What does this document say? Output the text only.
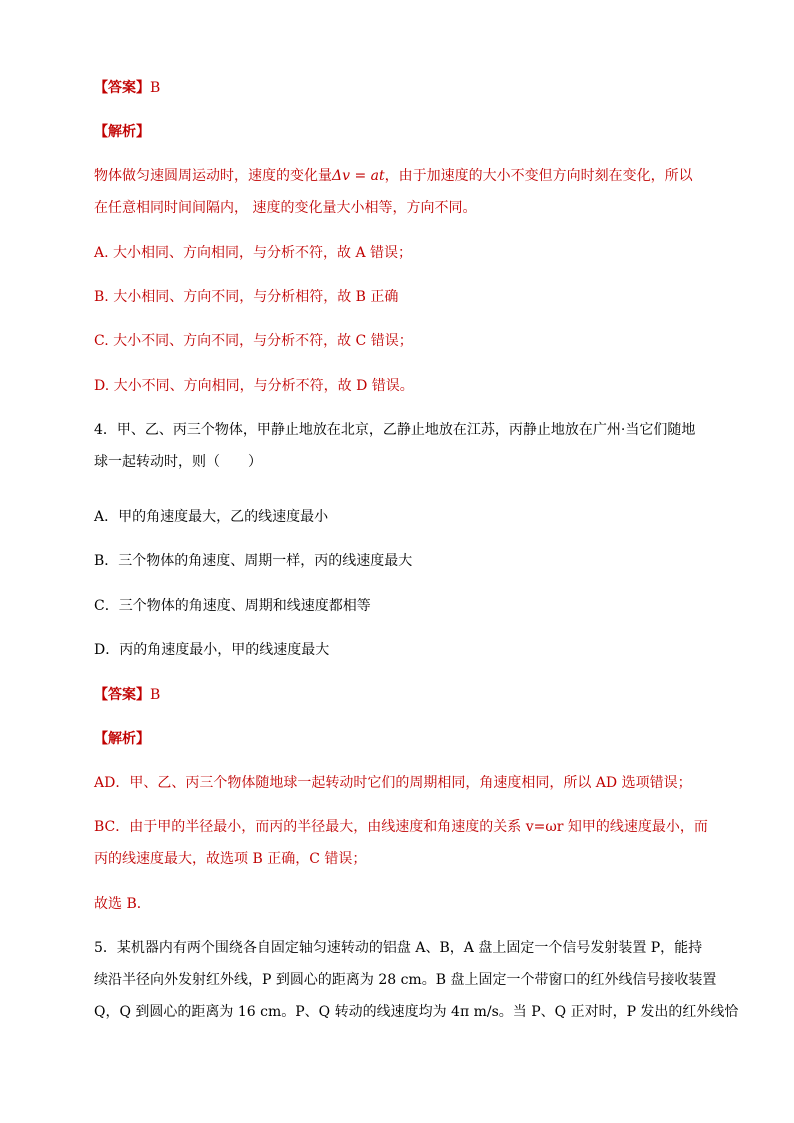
【答案】B
【解析】
物体做匀速圆周运动时，速度的变化量Δv = at，由于加速度的大小不变但方向时刻在变化，所以
在任意相同时间间隔内， 速度的变化量大小相等，方向不同。
A. 大小相同、方向相同，与分析不符，故 A 错误；
B. 大小相同、方向不同，与分析相符，故 B 正确
C. 大小不同、方向不同，与分析不符，故 C 错误；
D. 大小不同、方向相同，与分析不符，故 D 错误。
4．甲、乙、丙三个物体，甲静止地放在北京，乙静止地放在江苏，丙静止地放在广州·当它们随地
球一起转动时，则（　　）
A．甲的角速度最大，乙的线速度最小
B．三个物体的角速度、周期一样，丙的线速度最大
C．三个物体的角速度、周期和线速度都相等
D．丙的角速度最小，甲的线速度最大
【答案】B
【解析】
AD．甲、乙、丙三个物体随地球一起转动时它们的周期相同，角速度相同，所以 AD 选项错误；
BC．由于甲的半径最小，而丙的半径最大，由线速度和角速度的关系 v=ωr 知甲的线速度最小，而
丙的线速度最大，故选项 B 正确，C 错误；
故选 B．
5．某机器内有两个围绕各自固定轴匀速转动的铝盘 A、B，A 盘上固定一个信号发射装置 P，能持
续沿半径向外发射红外线，P 到圆心的距离为 28 cm。B 盘上固定一个带窗口的红外线信号接收装置
Q，Q 到圆心的距离为 16 cm。P、Q 转动的线速度均为 4π m/s。当 P、Q 正对时，P 发出的红外线恰
